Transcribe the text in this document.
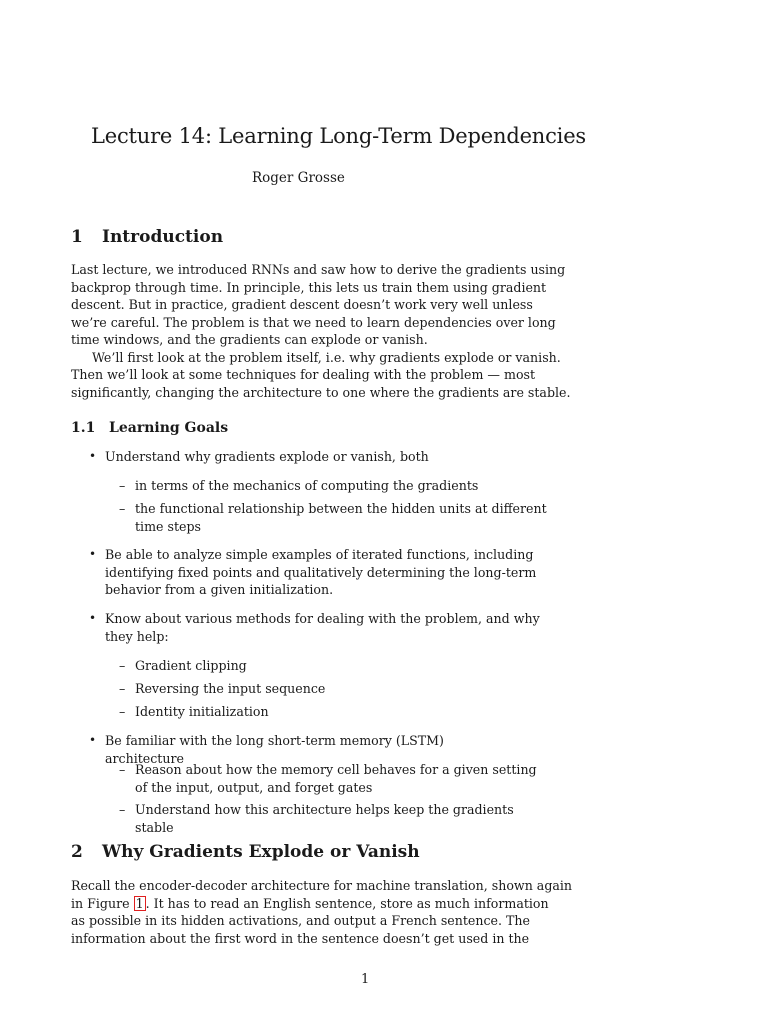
Lecture 14: Learning Long-Term Dependencies
Roger Grosse
1 Introduction
Last lecture, we introduced RNNs and saw how to derive the gradients using
backprop through time. In principle, this lets us train them using gradient
descent. But in practice, gradient descent doesn’t work very well unless
we’re careful. The problem is that we need to learn dependencies over long
time windows, and the gradients can explode or vanish.
We’ll first look at the problem itself, i.e. why gradients explode or vanish.
Then we’ll look at some techniques for dealing with the problem — most
significantly, changing the architecture to one where the gradients are stable.
1.1 Learning Goals
• Understand why gradients explode or vanish, both
– in terms of the mechanics of computing the gradients
– the functional relationship between the hidden units at different
time steps
• Be able to analyze simple examples of iterated functions, including
identifying fixed points and qualitatively determining the long-term
behavior from a given initialization.
• Know about various methods for dealing with the problem, and why
they help:
– Gradient clipping
– Reversing the input sequence
– Identity initialization
• Be familiar with the long short-term memory (LSTM) architecture
– Reason about how the memory cell behaves for a given setting
of the input, output, and forget gates
– Understand how this architecture helps keep the gradients stable
2 Why Gradients Explode or Vanish
Recall the encoder-decoder architecture for machine translation, shown again
in Figure 1 . It has to read an English sentence, store as much information
as possible in its hidden activations, and output a French sentence. The
information about the first word in the sentence doesn’t get used in the
1
